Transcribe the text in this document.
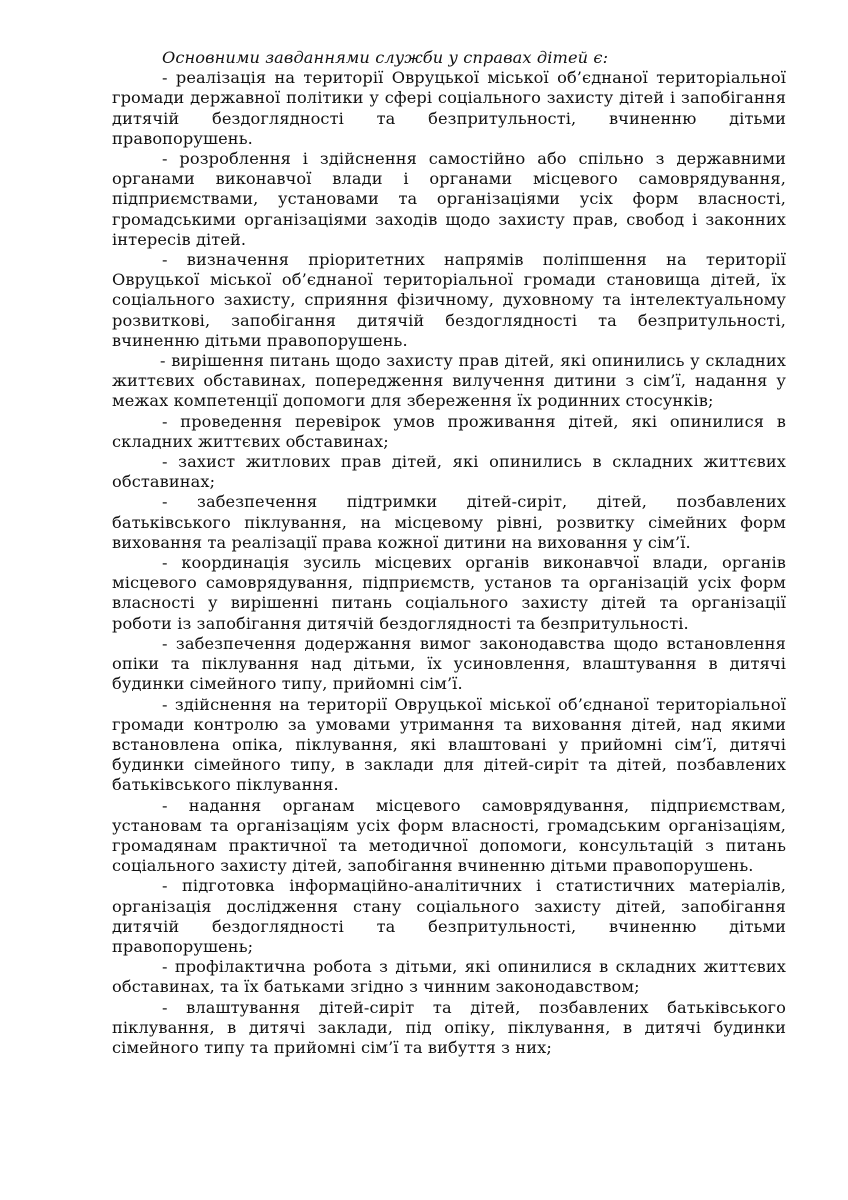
Основними завданнями служби у справах дітей є:

- реалізація на території Овруцької міської об’єднаної територіальної громади державної політики у сфері соціального захисту дітей і запобігання дитячій бездоглядності та безпритульності, вчиненню дітьми правопорушень.

- розроблення і здійснення самостійно або спільно з державними органами виконавчої влади і органами місцевого самоврядування, підприємствами, установами та організаціями усіх форм власності, громадськими організаціями заходів щодо захисту прав, свобод і законних інтересів дітей.

- визначення пріоритетних напрямів поліпшення на території Овруцької міської об’єднаної територіальної громади становища дітей, їх соціального захисту, сприяння фізичному, духовному та інтелектуальному розвиткові, запобігання дитячій бездоглядності та безпритульності, вчиненню дітьми правопорушень.

- вирішення питань щодо захисту прав дітей, які опинились у складних життєвих обставинах, попередження вилучення дитини з сім’ї, надання у межах компетенції допомоги для збереження їх родинних стосунків;

- проведення перевірок умов проживання дітей, які опинилися в складних життєвих обставинах;

- захист житлових прав дітей, які опинились в складних життєвих обставинах;

- забезпечення підтримки дітей-сиріт, дітей, позбавлених батьківського піклування, на місцевому рівні, розвитку сімейних форм виховання та реалізації права кожної дитини на виховання у сім’ї.

- координація зусиль місцевих органів виконавчої влади, органів місцевого самоврядування, підприємств, установ та організацій усіх форм власності у вирішенні питань соціального захисту дітей та організації роботи із запобігання дитячій бездоглядності та безпритульності.

- забезпечення додержання вимог законодавства щодо встановлення опіки та піклування над дітьми, їх усиновлення, влаштування в дитячі будинки сімейного типу, прийомні сім’ї.

- здійснення на території Овруцької міської об’єднаної територіальної громади контролю за умовами утримання та виховання дітей, над якими встановлена опіка, піклування, які влаштовані у прийомні сім’ї, дитячі будинки сімейного типу, в заклади для дітей-сиріт та дітей, позбавлених батьківського піклування.

- надання органам місцевого самоврядування, підприємствам, установам та організаціям усіх форм власності, громадським організаціям, громадянам практичної та методичної допомоги, консультацій з питань соціального захисту дітей, запобігання вчиненню дітьми правопорушень.

- підготовка інформаційно-аналітичних і статистичних матеріалів, організація дослідження стану соціального захисту дітей, запобігання дитячій бездоглядності та безпритульності, вчиненню дітьми правопорушень;

- профілактична робота з дітьми, які опинилися в складних життєвих обставинах, та їх батьками згідно з чинним законодавством;

- влаштування дітей-сиріт та дітей, позбавлених батьківського піклування, в дитячі заклади, під опіку, піклування, в дитячі будинки сімейного типу та прийомні сім’ї та вибуття з них;
